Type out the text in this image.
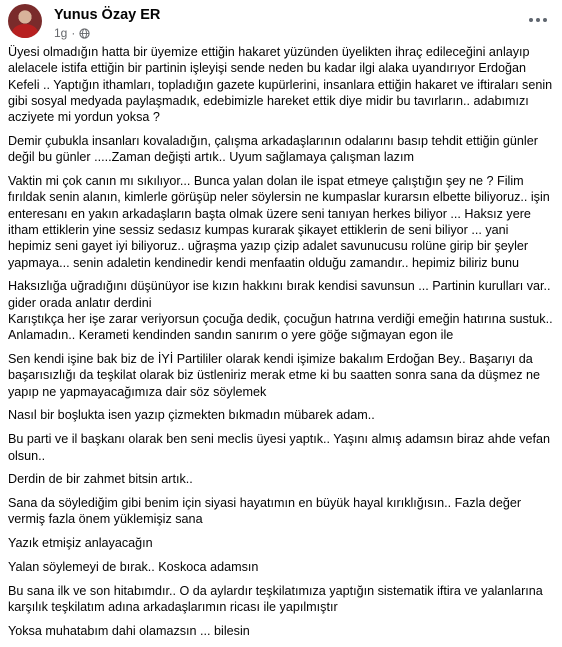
Yunus Özay ER
1g ·

Üyesi olmadığın hatta bir üyemize ettiğin hakaret yüzünden üyelikten ihraç edileceğini anlayıp alelacele istifa ettiğin bir partinin işleyişi sende neden bu kadar ilgi alaka uyandırıyor Erdoğan Kefeli .. Yaptığın ithamları, topladığın gazete kupürlerini, insanlara ettiğin hakaret ve iftiraları senin gibi sosyal medyada paylaşmadık, edebimizle hareket ettik diye midir bu tavırların.. adabımızı acziyete mi yordun yoksa ?

Demir çubukla insanları kovaladığın, çalışma arkadaşlarının odalarını basıp tehdit ettiğin günler değil bu günler .....Zaman değişti artık.. Uyum sağlamaya çalışman lazım

Vaktin mi çok canın mı sıkılıyor... Bunca yalan dolan ile ispat etmeye çalıştığın şey ne ? Filim fırıldak senin alanın, kimlerle görüşüp neler söylersin ne kumpaslar kurarsın elbette biliyoruz.. işin enteresanı en yakın arkadaşların başta olmak üzere seni tanıyan herkes biliyor ... Haksız yere itham ettiklerin yine sessiz sedasız kumpas kurarak şikayet ettiklerin de seni biliyor ... yani hepimiz seni gayet iyi biliyoruz.. uğraşma yazıp çizip adalet savunucusu rolüne girip bir şeyler yapmaya... senin adaletin kendinedir kendi menfaatin olduğu zamandır.. hepimiz biliriz bunu

Haksızlığa uğradığını düşünüyor ise kızın hakkını bırak kendisi savunsun ... Partinin kurulları var.. gider orada anlatır derdini

Karıştıkça her işe zarar veriyorsun çocuğa dedik, çocuğun hatrına verdiği emeğin hatırına sustuk.. Anlamadın.. Kerameti kendinden sandın sanırım o yere göğe sığmayan egon ile

Sen kendi işine bak biz de İYİ Partililer olarak kendi işimize bakalım Erdoğan Bey.. Başarıyı da başarısızlığı da teşkilat olarak biz üstleniriz merak etme ki bu saatten sonra sana da düşmez ne yapıp ne yapmayacağımıza dair söz söylemek

Nasıl bir boşlukta isen yazıp çizmekten bıkmadın mübarek adam..

Bu parti ve il başkanı olarak ben seni meclis üyesi yaptık.. Yaşını almış adamsın biraz ahde vefan olsun..

Derdin de bir zahmet bitsin artık..

Sana da söylediğim gibi benim için siyasi hayatımın en büyük hayal kırıklığısın.. Fazla değer vermiş fazla önem yüklemişiz sana

Yazık etmişiz anlayacağın

Yalan söylemeyi de bırak.. Koskoca adamsın

Bu sana ilk ve son hitabımdır.. O da aylardır teşkilatımıza yaptığın sistematik iftira ve yalanlarına karşılık teşkilatım adına arkadaşlarımın ricası ile yapılmıştır

Yoksa muhatabım dahi olamazsın ... bilesin
